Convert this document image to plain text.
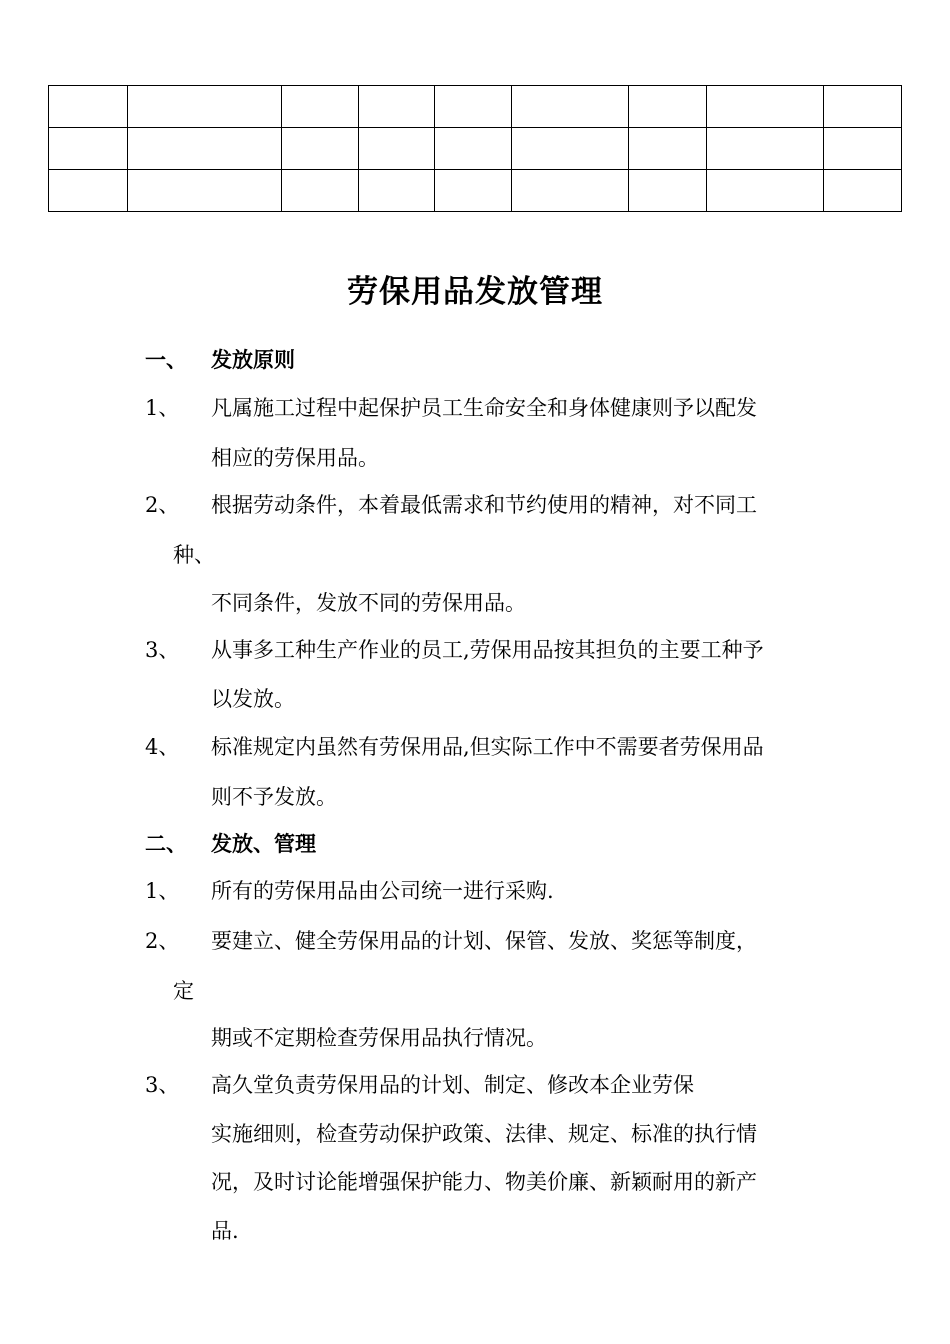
劳保用品发放管理
一、 发放原则
1、 凡属施工过程中起保护员工生命安全和身体健康则予以配发
相应的劳保用品。
2、 根据劳动条件，本着最低需求和节约使用的精神，对不同工
种、
不同条件，发放不同的劳保用品。
3、 从事多工种生产作业的员工,劳保用品按其担负的主要工种予
以发放。
4、 标准规定内虽然有劳保用品,但实际工作中不需要者劳保用品
则不予发放。
二、 发放、管理
1、 所有的劳保用品由公司统一进行采购.
2、 要建立、健全劳保用品的计划、保管、发放、奖惩等制度，
定
期或不定期检查劳保用品执行情况。
3、 高久堂负责劳保用品的计划、制定、修改本企业劳保
实施细则，检查劳动保护政策、法律、规定、标准的执行情
况，及时讨论能增强保护能力、物美价廉、新颖耐用的新产
品.
